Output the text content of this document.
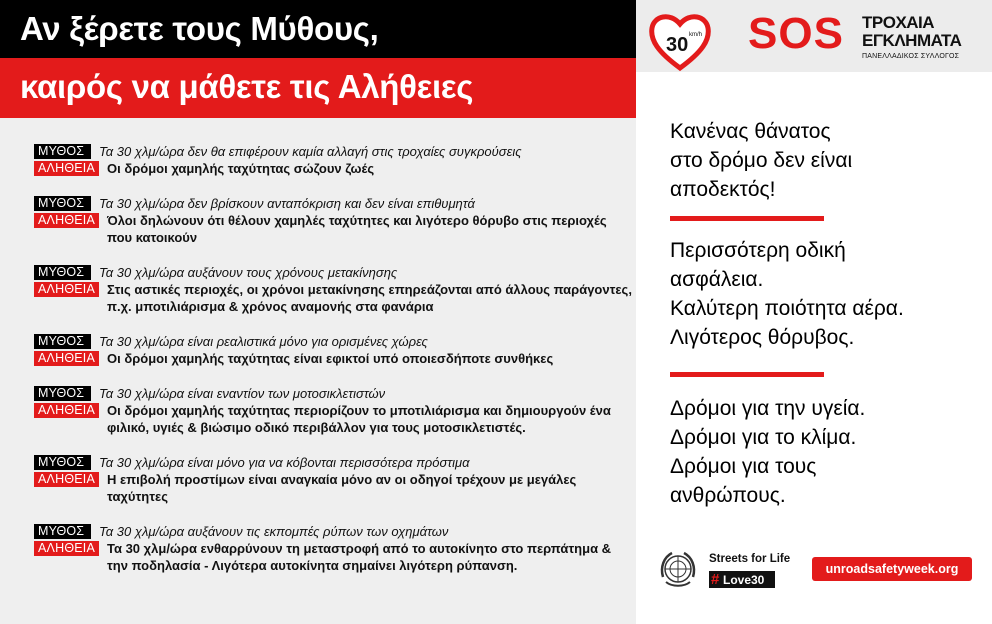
Αν ξέρετε τους Μύθους,
καιρός να μάθετε τις Αλήθειες
ΜΥΘΟΣ	Τα 30 χλμ/ώρα δεν θα επιφέρουν καμία αλλαγή στις τροχαίες συγκρούσεις
ΑΛΗΘΕΙΑ Οι δρόμοι χαμηλής ταχύτητας σώζουν ζωές
ΜΥΘΟΣ	Τα 30 χλμ/ώρα δεν βρίσκουν ανταπόκριση και δεν είναι επιθυμητά
ΑΛΗΘΕΙΑ Όλοι δηλώνουν ότι θέλουν χαμηλές ταχύτητες και λιγότερο θόρυβο στις περιοχές που κατοικούν
ΜΥΘΟΣ	Τα 30 χλμ/ώρα αυξάνουν τους χρόνους μετακίνησης
ΑΛΗΘΕΙΑ Στις αστικές περιοχές, οι χρόνοι μετακίνησης επηρεάζονται από άλλους παράγοντες, π.χ. μποτιλιάρισμα & χρόνος αναμονής στα φανάρια
ΜΥΘΟΣ	Τα 30 χλμ/ώρα είναι ρεαλιστικά μόνο για ορισμένες χώρες
ΑΛΗΘΕΙΑ Οι δρόμοι χαμηλής ταχύτητας είναι εφικτοί υπό οποιεσδήποτε συνθήκες
ΜΥΘΟΣ	Τα 30 χλμ/ώρα είναι εναντίον των μοτοσικλετιστών
ΑΛΗΘΕΙΑ Οι δρόμοι χαμηλής ταχύτητας περιορίζουν το μποτιλιάρισμα και δημιουργούν ένα φιλικό, υγιές & βιώσιμο οδικό περιβάλλον για τους μοτοσικλετιστές.
ΜΥΘΟΣ	Τα 30 χλμ/ώρα είναι μόνο για να κόβονται περισσότερα πρόστιμα
ΑΛΗΘΕΙΑ Η επιβολή προστίμων είναι αναγκαία μόνο αν οι οδηγοί τρέχουν με μεγάλες ταχύτητες
ΜΥΘΟΣ	Τα 30 χλμ/ώρα αυξάνουν τις εκπομπές ρύπων των οχημάτων
ΑΛΗΘΕΙΑ Τα 30 χλμ/ώρα ενθαρρύνουν τη μεταστροφή από το αυτοκίνητο στο περπάτημα & την ποδηλασία - Λιγότερα αυτοκίνητα σημαίνει λιγότερη ρύπανση.
30 km/h SOS ΤΡΟΧΑΙΑ
ΕΓΚΛΗΜΑΤΑ
ΠΑΝΕΛΛΑΔΙΚΟΣ ΣΥΛΛΟΓΟΣ
Κανένας θάνατος
στο δρόμο δεν είναι
αποδεκτός!
Περισσότερη οδική
ασφάλεια.
Καλύτερη ποιότητα αέρα.
Λιγότερος θόρυβος.
Δρόμοι για την υγεία.
Δρόμοι για το κλίμα.
Δρόμοι για τους
ανθρώπους.
Streets for Life
# Love30
unroadsafetyweek.org
